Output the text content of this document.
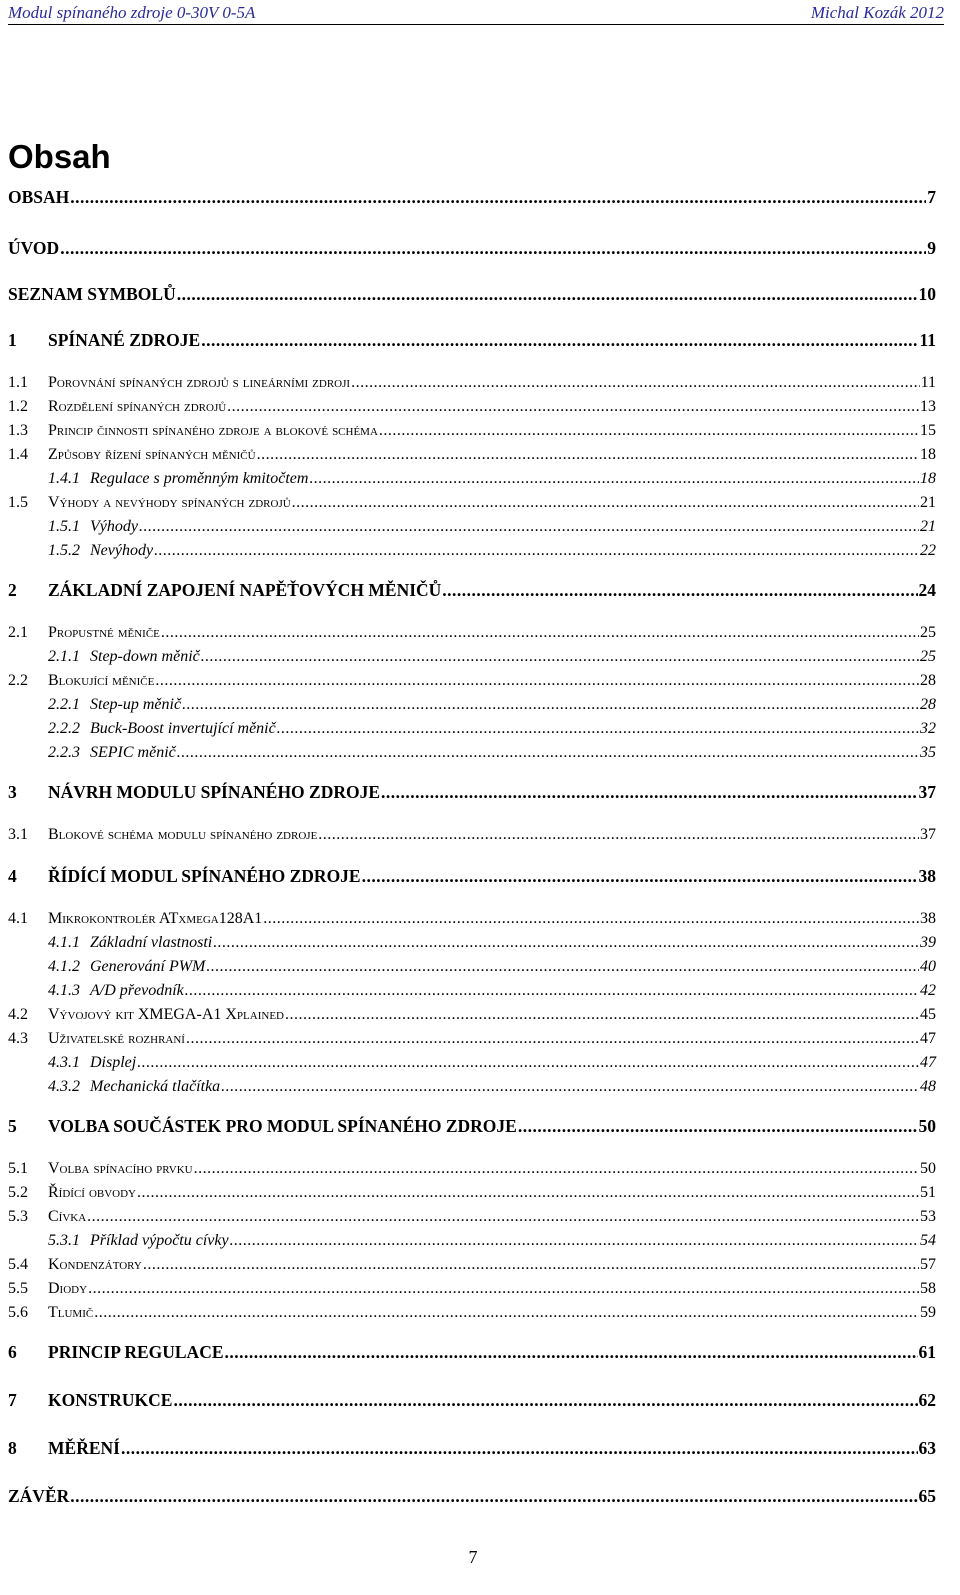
Modul spínaného zdroje 0-30V 0-5A	Michal Kozák 2012
Obsah
OBSAH .....	7
ÚVOD .....	9
SEZNAM SYMBOLŮ .....	10
1	SPÍNANÉ ZDROJE .....	11
1.1	Porovnání spínaných zdrojů s lineárními zdroji .....	11
1.2	Rozdělení spínaných zdrojů .....	13
1.3	Princip činnosti spínaného zdroje a blokové schéma .....	15
1.4	Způsoby řízení spínaných měničů .....	18
1.4.1 Regulace s proměnným kmitočtem .....	18
1.5	Výhody a nevýhody spínaných zdrojů .....	21
1.5.1 Výhody .....	21
1.5.2 Nevýhody .....	22
2	ZÁKLADNÍ ZAPOJENÍ NAPĚŤOVÝCH MĚNIČŮ .....	24
2.1	Propustné měniče .....	25
2.1.1 Step-down měnič .....	25
2.2	Blokující měniče .....	28
2.2.1 Step-up měnič .....	28
2.2.2 Buck-Boost invertující měnič .....	32
2.2.3 SEPIC měnič .....	35
3	NÁVRH MODULU SPÍNANÉHO ZDROJE .....	37
3.1	Blokové schéma modulu spínaného zdroje .....	37
4	ŘÍDÍCÍ MODUL SPÍNANÉHO ZDROJE .....	38
4.1	Mikrokontrolér ATxmega128A1 .....	38
4.1.1 Základní vlastnosti .....	39
4.1.2 Generování PWM .....	40
4.1.3 A/D převodník .....	42
4.2	Vývojový kit XMEGA-A1 Xplained .....	45
4.3	Uživatelské rozhraní .....	47
4.3.1 Displej .....	47
4.3.2 Mechanická tlačítka .....	48
5	VOLBA SOUČÁSTEK PRO MODUL SPÍNANÉHO ZDROJE .....	50
5.1	Volba spínacího prvku .....	50
5.2	Řídící obvody .....	51
5.3	Cívka .....	53
5.3.1 Příklad výpočtu cívky .....	54
5.4	Kondenzátory .....	57
5.5	Diody .....	58
5.6	Tlumič .....	59
6	PRINCIP REGULACE .....	61
7	KONSTRUKCE .....	62
8	MĚŘENÍ .....	63
ZÁVĚR .....	65
7
